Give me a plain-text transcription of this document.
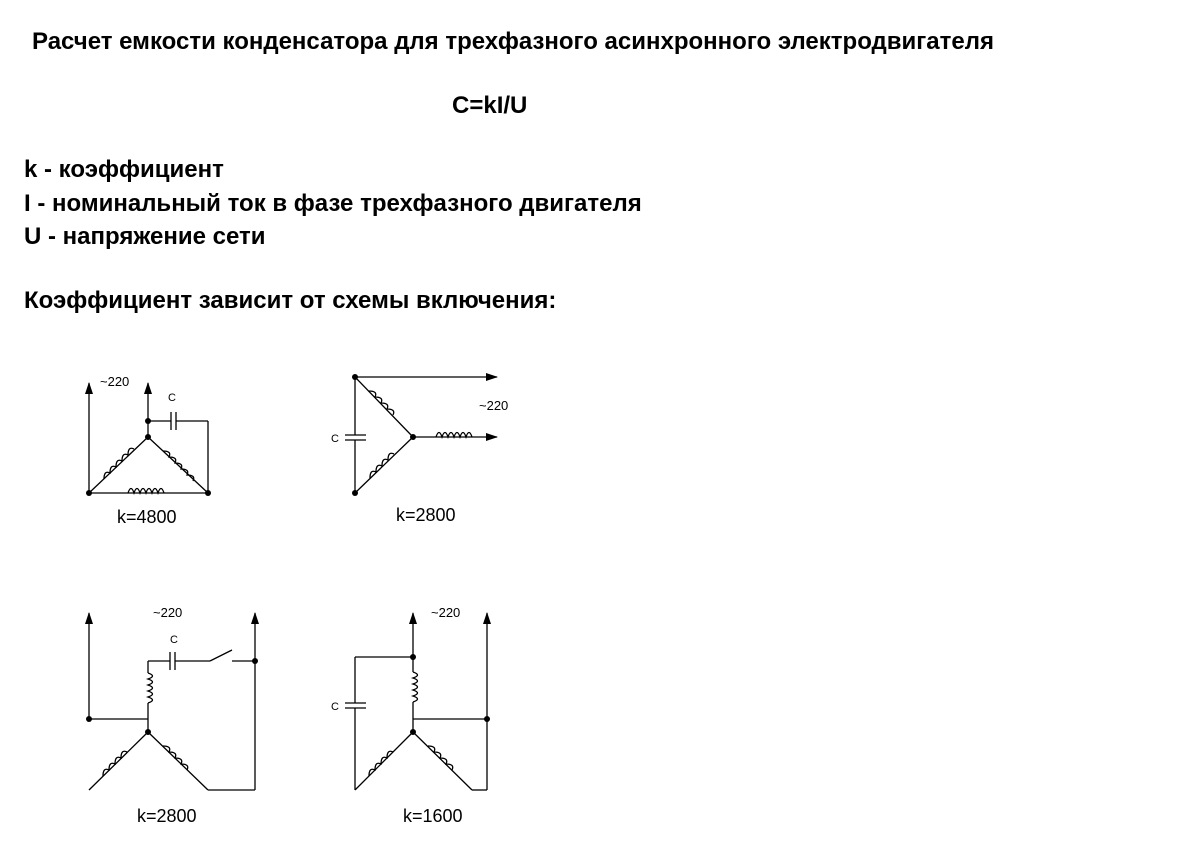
Расчет емкости конденсатора для трехфазного асинхронного электродвигателя
C=kI/U
k - коэффициент
I - номинальный ток в фазе трехфазного двигателя
U - напряжение сети
Коэффициент зависит от схемы включения:
~220
C
k=4800
~220
C
k=2800
~220
C
k=2800
~220
C
k=1600
